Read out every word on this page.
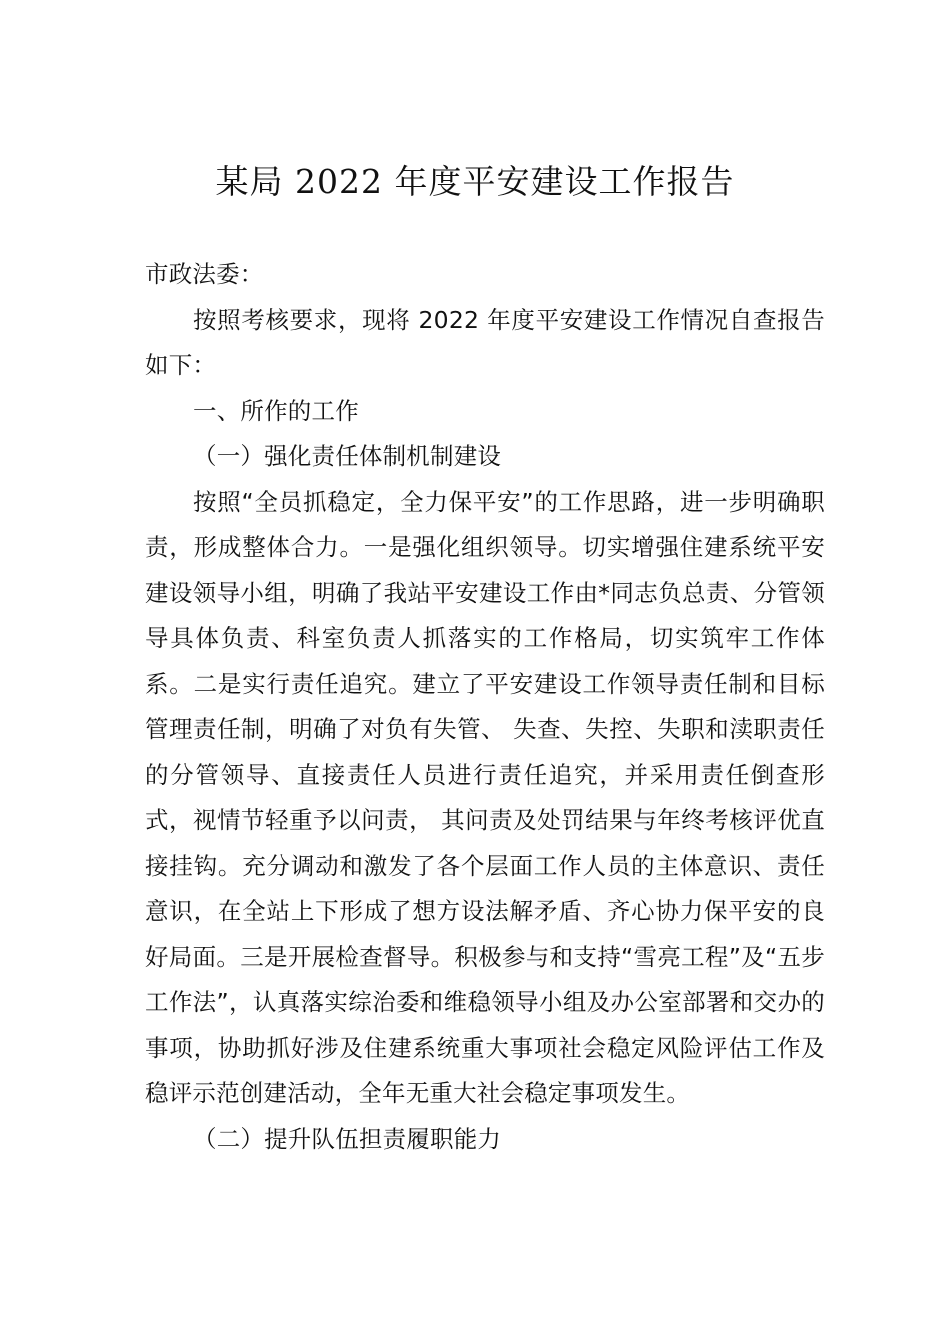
某局 2022 年度平安建设工作报告

市政法委：

按照考核要求，现将 2022 年度平安建设工作情况自查报告如下：

一、所作的工作

（一）强化责任体制机制建设

按照“全员抓稳定，全力保平安”的工作思路，进一步明确职责，形成整体合力。一是强化组织领导。切实增强住建系统平安建设领导小组，明确了我站平安建设工作由*同志负总责、分管领导具体负责、科室负责人抓落实的工作格局，切实筑牢工作体系。二是实行责任追究。建立了平安建设工作领导责任制和目标管理责任制，明确了对负有失管、 失查、失控、失职和渎职责任的分管领导、直接责任人员进行责任追究，并采用责任倒查形式，视情节轻重予以问责， 其问责及处罚结果与年终考核评优直接挂钩。充分调动和激发了各个层面工作人员的主体意识、责任意识，在全站上下形成了想方设法解矛盾、齐心协力保平安的良好局面。三是开展检查督导。积极参与和支持“雪亮工程”及“五步工作法”，认真落实综治委和维稳领导小组及办公室部署和交办的事项，协助抓好涉及住建系统重大事项社会稳定风险评估工作及稳评示范创建活动，全年无重大社会稳定事项发生。

（二）提升队伍担责履职能力
